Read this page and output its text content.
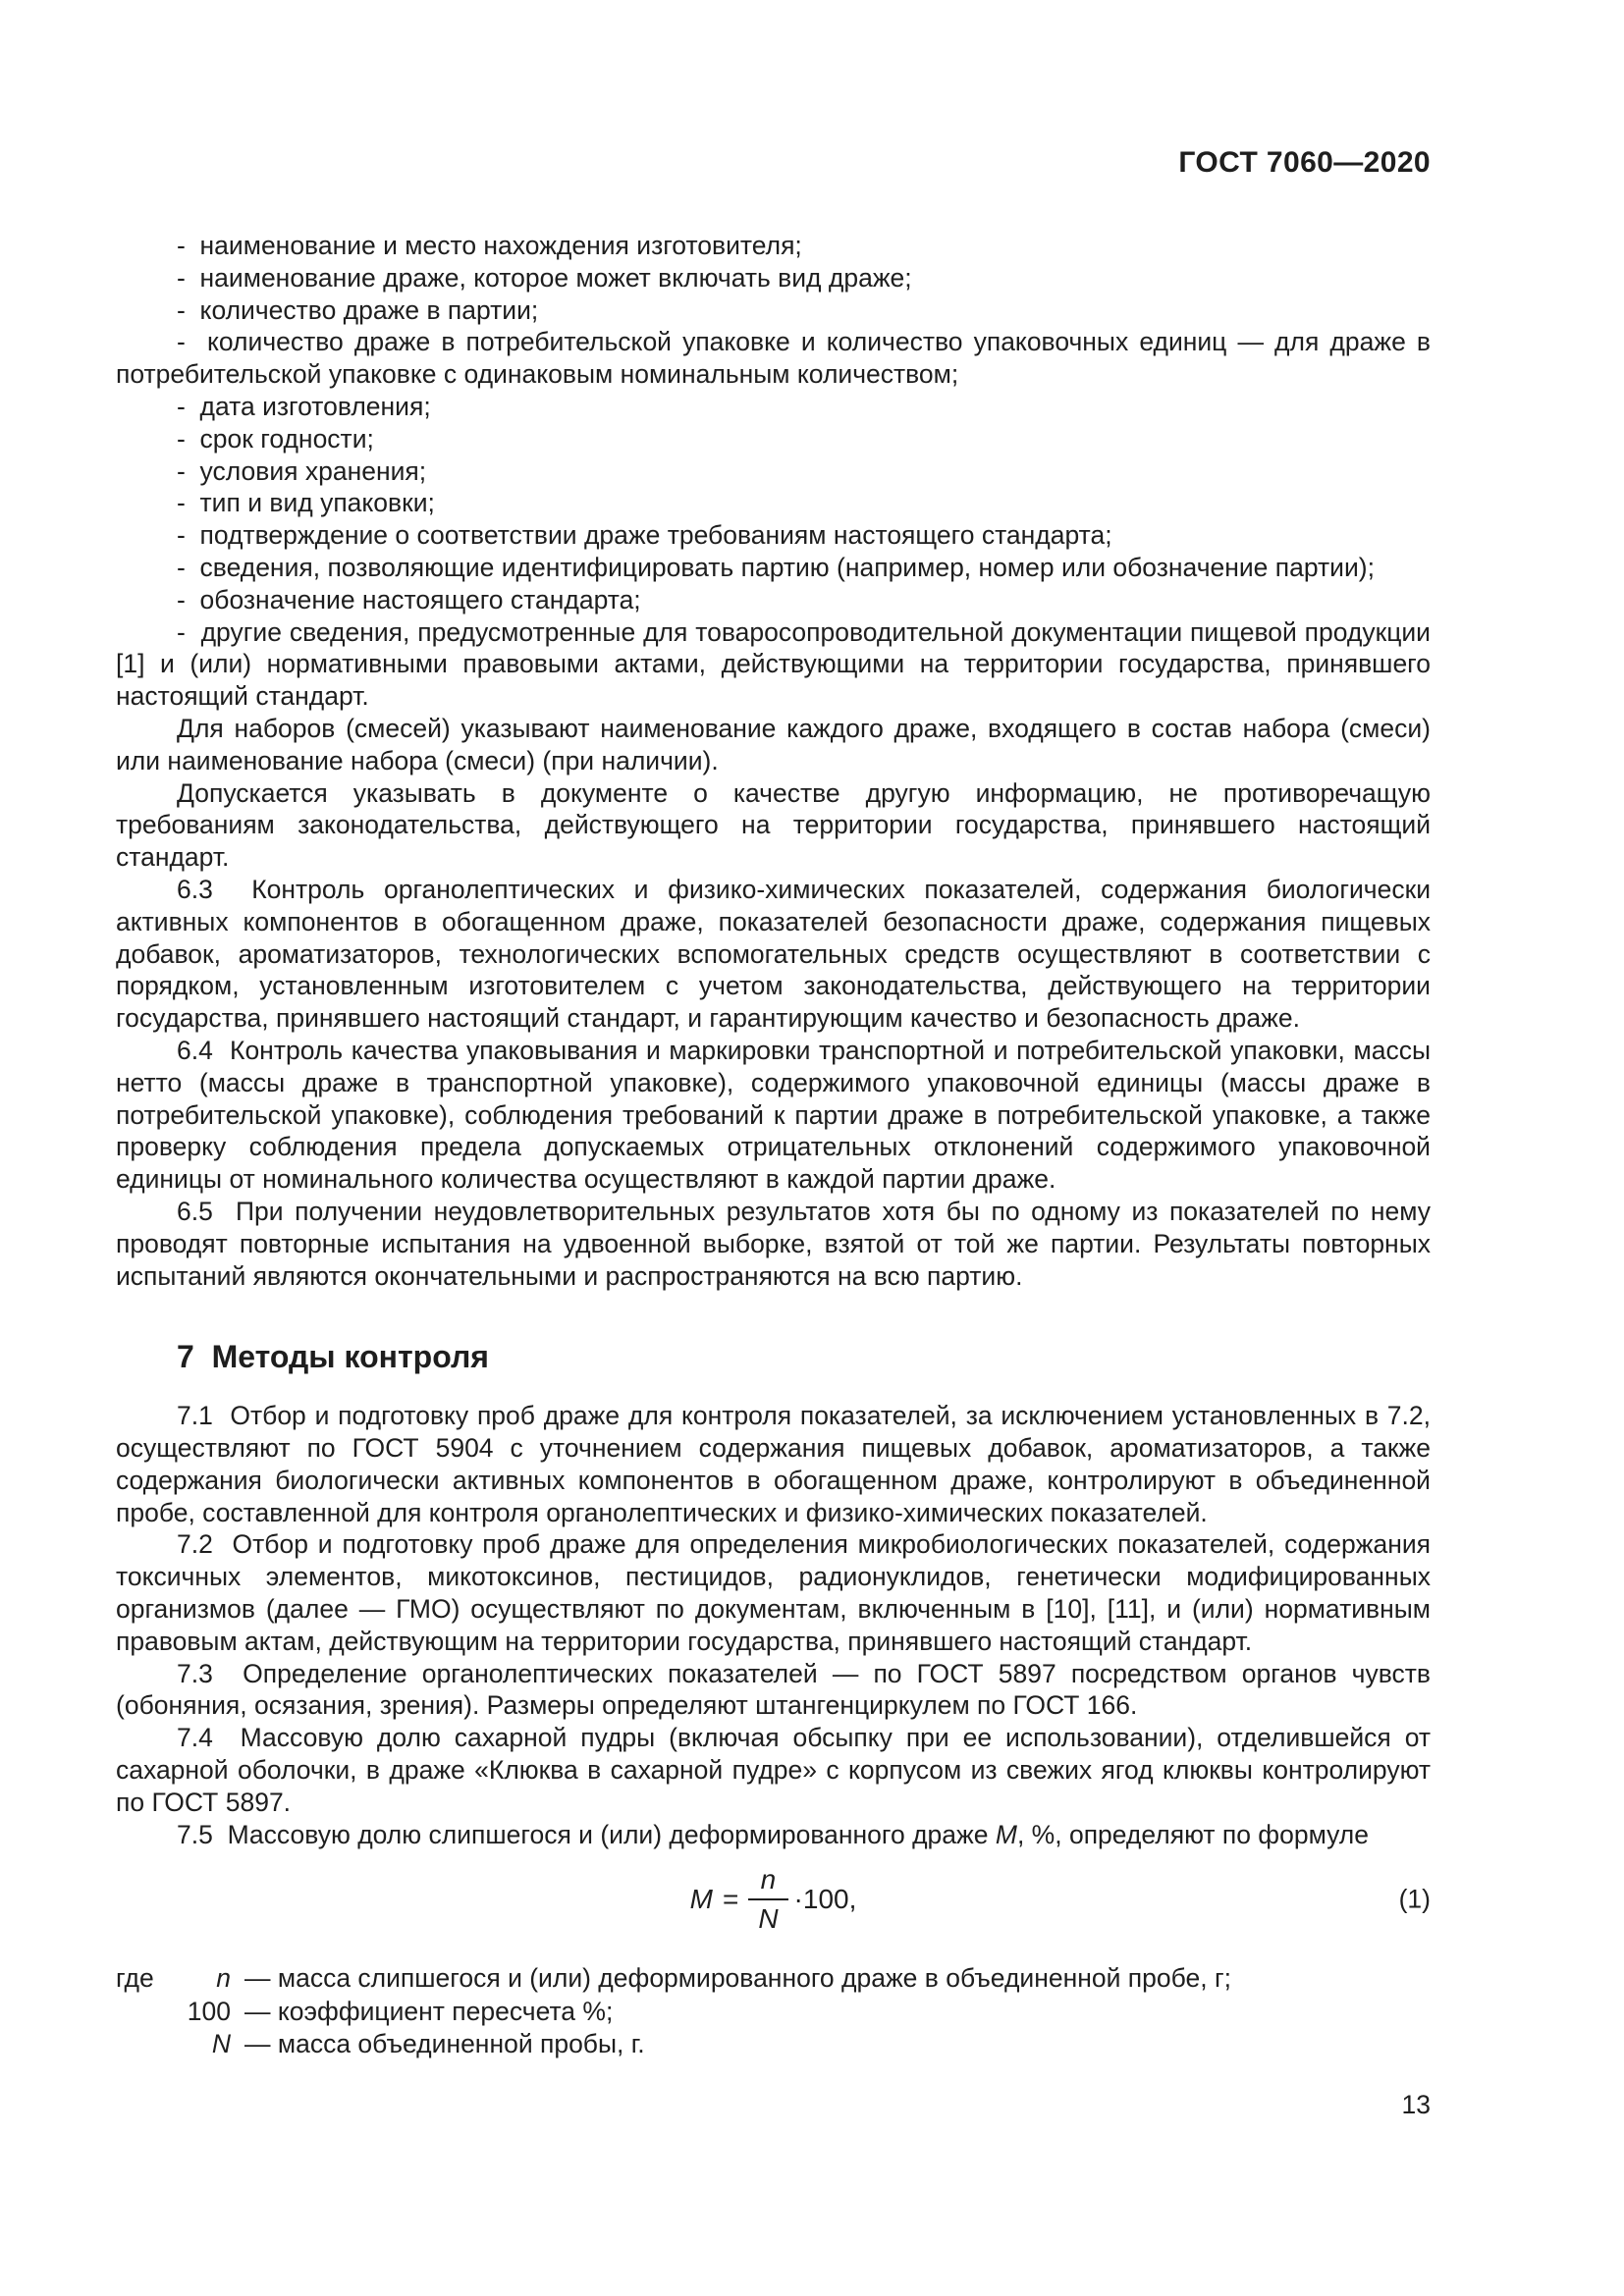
ГОСТ 7060—2020

-  наименование и место нахождения изготовителя;

-  наименование драже, которое может включать вид драже;

-  количество драже в партии;

-  количество драже в потребительской упаковке и количество упаковочных единиц — для драже в потребительской упаковке с одинаковым номинальным количеством;

-  дата изготовления;

-  срок годности;

-  условия хранения;

-  тип и вид упаковки;

-  подтверждение о соответствии драже требованиям настоящего стандарта;

-  сведения, позволяющие идентифицировать партию (например, номер или обозначение партии);

-  обозначение настоящего стандарта;

-  другие сведения, предусмотренные для товаросопроводительной документации пищевой продукции [1] и (или) нормативными правовыми актами, действующими на территории государства, принявшего настоящий стандарт.

Для наборов (смесей) указывают наименование каждого драже, входящего в состав набора (смеси) или наименование набора (смеси) (при наличии).

Допускается указывать в документе о качестве другую информацию, не противоречащую требованиям законодательства, действующего на территории государства, принявшего настоящий стандарт.

6.3  Контроль органолептических и физико-химических показателей, содержания биологически активных компонентов в обогащенном драже, показателей безопасности драже, содержания пищевых добавок, ароматизаторов, технологических вспомогательных средств осуществляют в соответствии с порядком, установленным изготовителем с учетом законодательства, действующего на территории государства, принявшего настоящий стандарт, и гарантирующим качество и безопасность драже.

6.4  Контроль качества упаковывания и маркировки транспортной и потребительской упаковки, массы нетто (массы драже в транспортной упаковке), содержимого упаковочной единицы (массы драже в потребительской упаковке), соблюдения требований к партии драже в потребительской упаковке, а также проверку соблюдения предела допускаемых отрицательных отклонений содержимого упаковочной единицы от номинального количества осуществляют в каждой партии драже.

6.5  При получении неудовлетворительных результатов хотя бы по одному из показателей по нему проводят повторные испытания на удвоенной выборке, взятой от той же партии. Результаты повторных испытаний являются окончательными и распространяются на всю партию.

7  Методы контроля

7.1  Отбор и подготовку проб драже для контроля показателей, за исключением установленных в 7.2, осуществляют по ГОСТ 5904 с уточнением содержания пищевых добавок, ароматизаторов, а также содержания биологически активных компонентов в обогащенном драже, контролируют в объединенной пробе, составленной для контроля органолептических и физико-химических показателей.

7.2  Отбор и подготовку проб драже для определения микробиологических показателей, содержания токсичных элементов, микотоксинов, пестицидов, радионуклидов, генетически модифицированных организмов (далее — ГМО) осуществляют по документам, включенным в [10], [11], и (или) нормативным правовым актам, действующим на территории государства, принявшего настоящий стандарт.

7.3  Определение органолептических показателей — по ГОСТ 5897 посредством органов чувств (обоняния, осязания, зрения). Размеры определяют штангенциркулем по ГОСТ 166.

7.4  Массовую долю сахарной пудры (включая обсыпку при ее использовании), отделившейся от сахарной оболочки, в драже «Клюква в сахарной пудре» с корпусом из свежих ягод клюквы контролируют по ГОСТ 5897.

7.5  Массовую долю слипшегося и (или) деформированного драже M, %, определяют по формуле

$M = \frac{n}{N} \cdot 100$,	(1)
где	n — масса слипшегося и (или) деформированного драже в объединенной пробе, г;
100 — коэффициент пересчета %;
N — масса объединенной пробы, г.
13
